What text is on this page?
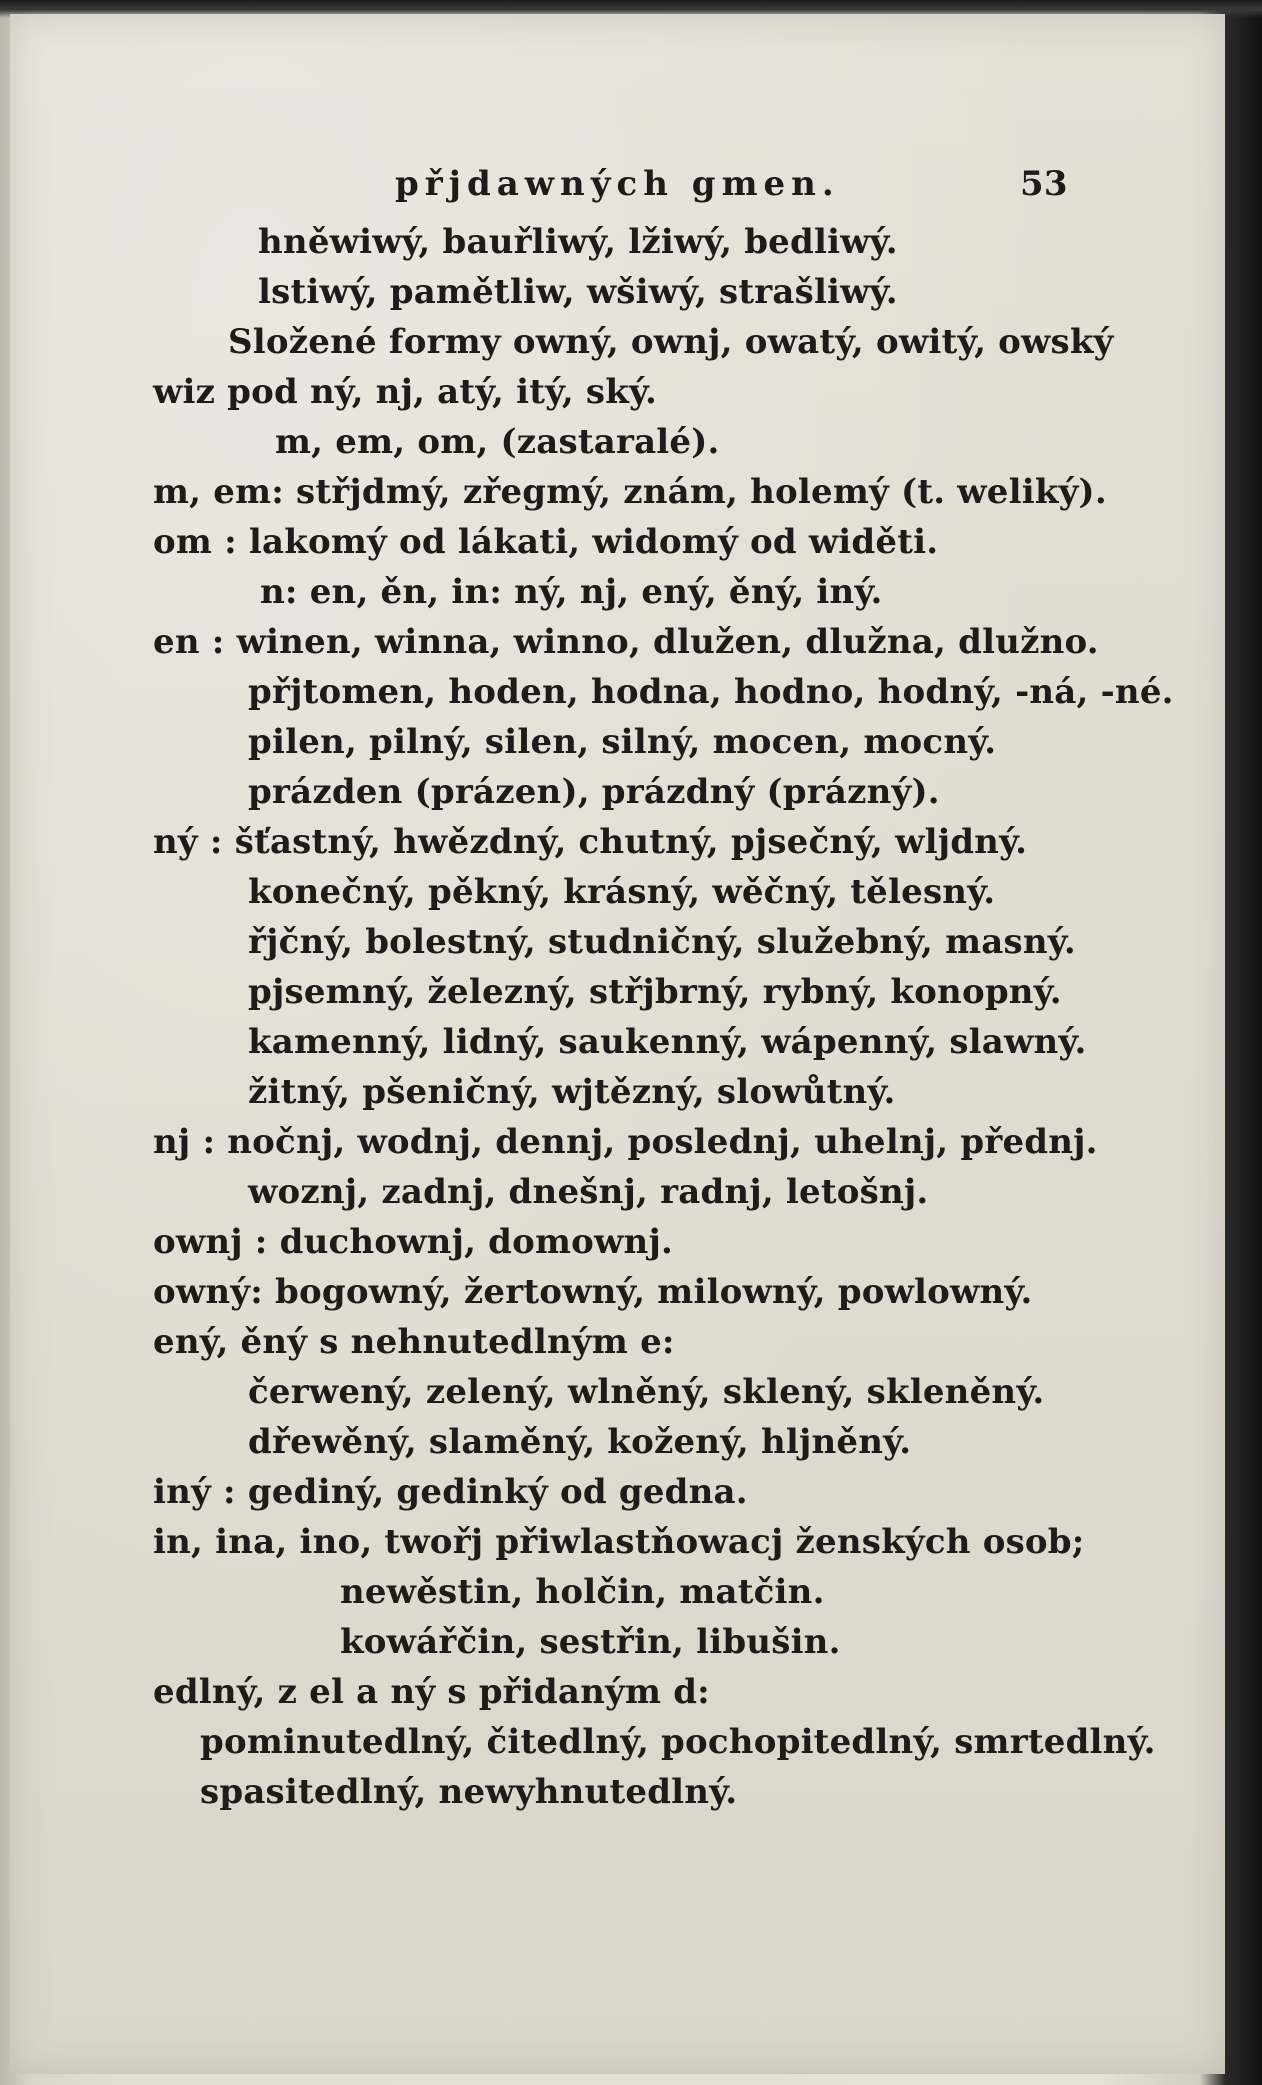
přjdawných gmen.	53
hněwiwý, bauřliwý, lžiwý, bedliwý.
lstiwý, pamětliw, wšiwý, strašliwý.
Složené formy owný, ownj, owatý, owitý, owský
wiz pod ný, nj, atý, itý, ský.
m, em, om, (zastaralé).
m, em: střjdmý, zřegmý, znám, holemý (t. weliký).
om : lakomý od lákati, widomý od widěti.
n: en, ěn, in: ný, nj, ený, ěný, iný.
en : winen, winna, winno, dlužen, dlužna, dlužno.
přjtomen, hoden, hodna, hodno, hodný, -ná, -né.
pilen, pilný, silen, silný, mocen, mocný.
prázden (prázen), prázdný (prázný).
ný : šťastný, hwězdný, chutný, pjsečný, wljdný.
konečný, pěkný, krásný, wěčný, tělesný.
řjčný, bolestný, studničný, služebný, masný.
pjsemný, železný, střjbrný, rybný, konopný.
kamenný, lidný, saukenný, wápenný, slawný.
žitný, pšeničný, wjtězný, slowůtný.
nj : nočnj, wodnj, dennj, poslednj, uhelnj, přednj.
woznj, zadnj, dnešnj, radnj, letošnj.
ownj : duchownj, domownj.
owný: bogowný, žertowný, milowný, powlowný.
ený, ěný s nehnutedlným e:
čerwený, zelený, wlněný, sklený, skleněný.
dřewěný, slaměný, kožený, hljněný.
iný : gediný, gedinký od gedna.
in, ina, ino, twořj přiwlastňowacj ženských osob;
newěstin, holčin, matčin.
kowářčin, sestřin, libušin.
edlný, z el a ný s přidaným d:
pominutedlný, čitedlný, pochopitedlný, smrtedlný.
spasitedlný, newyhnutedlný.
